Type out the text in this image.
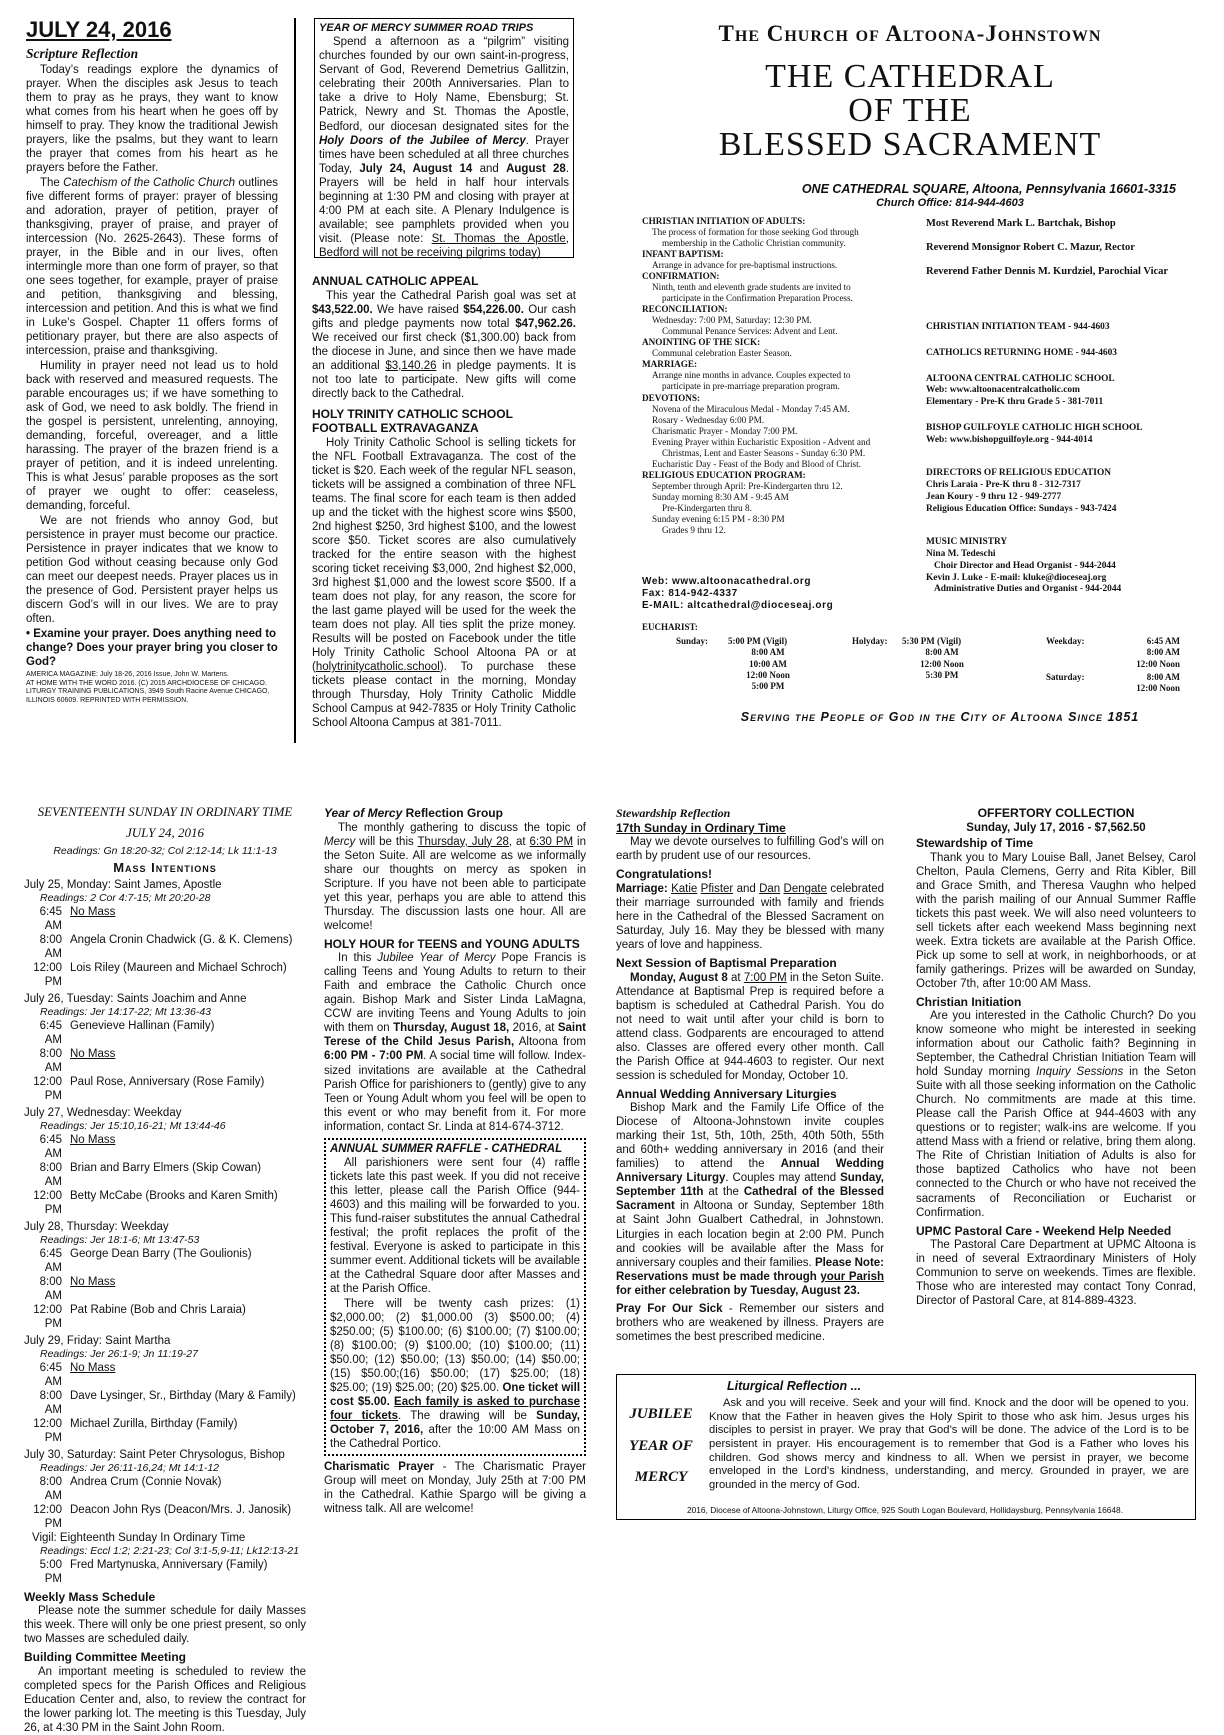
JULY 24, 2016
Scripture Reflection

Today’s readings explore the dynamics of prayer. When the disciples ask Jesus to teach them to pray as he prays, they want to know what comes from his heart when he goes off by himself to pray. They know the traditional Jewish prayers, like the psalms, but they want to learn the prayer that comes from his heart as he prayers before the Father.

The Catechism of the Catholic Church outlines five different forms of prayer: prayer of blessing and adoration, prayer of petition, prayer of thanksgiving, prayer of praise, and prayer of intercession (No. 2625-2643). These forms of prayer, in the Bible and in our lives, often intermingle more than one form of prayer, so that one sees together, for example, prayer of praise and petition, thanksgiving and blessing, intercession and petition. And this is what we find in Luke’s Gospel. Chapter 11 offers forms of petitionary prayer, but there are also aspects of intercession, praise and thanksgiving.

Humility in prayer need not lead us to hold back with reserved and measured requests. The parable encourages us; if we have something to ask of God, we need to ask boldly. The friend in the gospel is persistent, unrelenting, annoying, demanding, forceful, overeager, and a little harassing. The prayer of the brazen friend is a prayer of petition, and it is indeed unrelenting. This is what Jesus’ parable proposes as the sort of prayer we ought to offer: ceaseless, demanding, forceful.

We are not friends who annoy God, but persistence in prayer must become our practice. Persistence in prayer indicates that we know to petition God without ceasing because only God can meet our deepest needs. Prayer places us in the presence of God. Persistent prayer helps us discern God’s will in our lives. We are to pray often.

• Examine your prayer. Does anything need to change? Does your prayer bring you closer to God?

AMERICA MAGAZINE: July 18-26, 2016 Issue, John W. Martens.
AT HOME WITH THE WORD 2016. (C) 2015 ARCHDIOCESE OF CHICAGO. LITURGY TRAINING PUBLICATIONS, 3949 South Racine Avenue CHICAGO, ILLINOIS 60609. REPRINTED WITH PERMISSION.
YEAR OF MERCY SUMMER ROAD TRIPS

Spend a afternoon as a “pilgrim” visiting churches founded by our own saint-in-progress, Servant of God, Reverend Demetrius Gallitzin, celebrating their 200th Anniversaries. Plan to take a drive to Holy Name, Ebensburg; St. Patrick, Newry and St. Thomas the Apostle, Bedford, our diocesan designated sites for the Holy Doors of the Jubilee of Mercy. Prayer times have been scheduled at all three churches Today, July 24, August 14 and August 28. Prayers will be held in half hour intervals beginning at 1:30 PM and closing with prayer at 4:00 PM at each site. A Plenary Indulgence is available; see pamphlets provided when you visit. (Please note: St. Thomas the Apostle, Bedford will not be receiving pilgrims today)

ANNUAL CATHOLIC APPEAL

This year the Cathedral Parish goal was set at $43,522.00. We have raised $54,226.00. Our cash gifts and pledge payments now total $47,962.26. We received our first check ($1,300.00) back from the diocese in June, and since then we have made an additional $3,140.26 in pledge payments. It is not too late to participate. New gifts will come directly back to the Cathedral.

HOLY TRINITY CATHOLIC SCHOOL
FOOTBALL EXTRAVAGANZA

Holy Trinity Catholic School is selling tickets for the NFL Football Extravaganza. The cost of the ticket is $20. Each week of the regular NFL season, tickets will be assigned a combination of three NFL teams. The final score for each team is then added up and the ticket with the highest score wins $500, 2nd highest $250, 3rd highest $100, and the lowest score $50. Ticket scores are also cumulatively tracked for the entire season with the highest scoring ticket receiving $3,000, 2nd highest $2,000, 3rd highest $1,000 and the lowest score $500. If a team does not play, for any reason, the score for the last game played will be used for the week the team does not play. All ties split the prize money. Results will be posted on Facebook under the title Holy Trinity Catholic School Altoona PA or at (holytrinitycatholic.school). To purchase these tickets please contact in the morning, Monday through Thursday, Holy Trinity Catholic Middle School Campus at 942-7835 or Holy Trinity Catholic School Altoona Campus at 381-7011.

The Church of Altoona-Johnstown
THE CATHEDRAL
OF THE
BLESSED SACRAMENT
ONE CATHEDRAL SQUARE, Altoona, Pennsylvania 16601-3315
Church Office: 814-944-4603
CHRISTIAN INITIATION OF ADULTS:
The process of formation for those seeking God through
membership in the Catholic Christian community.
INFANT BAPTISM:
Arrange in advance for pre-baptismal instructions.
CONFIRMATION:
Ninth, tenth and eleventh grade students are invited to
participate in the Confirmation Preparation Process.
RECONCILIATION:
Wednesday: 7:00 PM, Saturday: 12:30 PM.
Communal Penance Services: Advent and Lent.
ANOINTING OF THE SICK:
Communal celebration Easter Season.
MARRIAGE:
Arrange nine months in advance. Couples expected to
participate in pre-marriage preparation program.
DEVOTIONS:
Novena of the Miraculous Medal - Monday 7:45 AM.
Rosary - Wednesday 6:00 PM.
Charismatic Prayer - Monday 7:00 PM.
Evening Prayer within Eucharistic Exposition - Advent and
Christmas, Lent and Easter Seasons - Sunday 6:30 PM.
Eucharistic Day - Feast of the Body and Blood of Christ.
RELIGIOUS EDUCATION PROGRAM:
September through April: Pre-Kindergarten thru 12.
Sunday morning 8:30 AM - 9:45 AM
Pre-Kindergarten thru 8.
Sunday evening 6:15 PM - 8:30 PM
Grades 9 thru 12.
Web: www.altoonacathedral.org
Fax: 814-942-4337
E-MAIL: altcathedral@dioceseaj.org
Most Reverend Mark L. Bartchak, Bishop
Reverend Monsignor Robert C. Mazur, Rector
Reverend Father Dennis M. Kurdziel, Parochial Vicar
CHRISTIAN INITIATION TEAM - 944-4603
CATHOLICS RETURNING HOME - 944-4603
ALTOONA CENTRAL CATHOLIC SCHOOL
Web: www.altoonacentralcatholic.com
Elementary - Pre-K thru Grade 5 - 381-7011
BISHOP GUILFOYLE CATHOLIC HIGH SCHOOL
Web: www.bishopguilfoyle.org - 944-4014
DIRECTORS OF RELIGIOUS EDUCATION
Chris Laraia - Pre-K thru 8 - 312-7317
Jean Koury - 9 thru 12 - 949-2777
Religious Education Office: Sundays - 943-7424
MUSIC MINISTRY
Nina M. Tedeschi
Choir Director and Head Organist - 944-2044
Kevin J. Luke - E-mail: kluke@dioceseaj.org
Administrative Duties and Organist - 944-2044
EUCHARIST:
Sunday: 5:00 PM (Vigil)
8:00 AM
10:00 AM
12:00 Noon
5:00 PM
Holyday: 5:30 PM (Vigil)
8:00 AM
12:00 Noon
5:30 PM
Weekday:	6:45 AM
8:00 AM
12:00 Noon
Saturday:	8:00 AM
12:00 Noon
Serving the People of God in the City of Altoona Since 1851
SEVENTEENTH SUNDAY IN ORDINARY TIME
JULY 24, 2016
Readings: Gn 18:20-32; Col 2:12-14; Lk 11:1-13
Mass Intentions
July 25, Monday: Saint James, Apostle
Readings: 2 Cor 4:7-15; Mt 20:20-28
6:45 AM
No Mass
8:00 AM
Angela Cronin Chadwick (G. & K. Clemens)
12:00 PM
Lois Riley (Maureen and Michael Schroch)
July 26, Tuesday: Saints Joachim and Anne
Readings: Jer 14:17-22; Mt 13:36-43
6:45 AM
Genevieve Hallinan (Family)
8:00 AM
No Mass
12:00 PM
Paul Rose, Anniversary (Rose Family)
July 27, Wednesday: Weekday
Readings: Jer 15:10,16-21; Mt 13:44-46
6:45 AM
No Mass
8:00 AM
Brian and Barry Elmers (Skip Cowan)
12:00 PM
Betty McCabe (Brooks and Karen Smith)
July 28, Thursday: Weekday
Readings: Jer 18:1-6; Mt 13:47-53
6:45 AM
George Dean Barry (The Goulionis)
8:00 AM
No Mass
12:00 PM
Pat Rabine (Bob and Chris Laraia)
July 29, Friday: Saint Martha
Readings: Jer 26:1-9; Jn 11:19-27
6:45 AM
No Mass
8:00 AM
Dave Lysinger, Sr., Birthday (Mary & Family)
12:00 PM
Michael Zurilla, Birthday (Family)
July 30, Saturday: Saint Peter Chrysologus, Bishop
Readings: Jer 26:11-16,24; Mt 14:1-12
8:00 AM
Andrea Crum (Connie Novak)
12:00 PM
Deacon John Rys (Deacon/Mrs. J. Janosik)
Vigil: Eighteenth Sunday In Ordinary Time
Readings: Eccl 1:2; 2:21-23; Col 3:1-5,9-11; Lk12:13-21
5:00 PM
Fred Martynuska, Anniversary (Family)
Weekly Mass Schedule

Please note the summer schedule for daily Masses this week. There will only be one priest present, so only two Masses are scheduled daily.

Building Committee Meeting

An important meeting is scheduled to review the completed specs for the Parish Offices and Religious Education Center and, also, to review the contract for the lower parking lot. The meeting is this Tuesday, July 26, at 4:30 PM in the Saint John Room.

Year of Mercy Reflection Group

The monthly gathering to discuss the topic of Mercy will be this Thursday, July 28, at 6:30 PM in the Seton Suite. All are welcome as we informally share our thoughts on mercy as spoken in Scripture. If you have not been able to participate yet this year, perhaps you are able to attend this Thursday. The discussion lasts one hour. All are welcome!

HOLY HOUR for TEENS and YOUNG ADULTS

In this Jubilee Year of Mercy Pope Francis is calling Teens and Young Adults to return to their Faith and embrace the Catholic Church once again. Bishop Mark and Sister Linda LaMagna, CCW are inviting Teens and Young Adults to join with them on Thursday, August 18, 2016, at Saint Terese of the Child Jesus Parish, Altoona from 6:00 PM - 7:00 PM. A social time will follow. Index-sized invitations are available at the Cathedral Parish Office for parishioners to (gently) give to any Teen or Young Adult whom you feel will be open to this event or who may benefit from it. For more information, contact Sr. Linda at 814-674-3712.

ANNUAL SUMMER RAFFLE - CATHEDRAL

All parishioners were sent four (4) raffle tickets late this past week. If you did not receive this letter, please call the Parish Office (944-4603) and this mailing will be forwarded to you. This fund-raiser substitutes the annual Cathedral festival; the profit replaces the profit of the festival. Everyone is asked to participate in this summer event. Additional tickets will be available at the Cathedral Square door after Masses and at the Parish Office.

There will be twenty cash prizes: (1) $2,000.00; (2) $1,000.00 (3) $500.00; (4) $250.00; (5) $100.00; (6) $100.00; (7) $100.00; (8) $100.00; (9) $100.00; (10) $100.00; (11) $50.00; (12) $50.00; (13) $50.00; (14) $50.00; (15) $50.00;(16) $50.00; (17) $25.00; (18) $25.00; (19) $25.00; (20) $25.00. One ticket will cost $5.00. Each family is asked to purchase four tickets. The drawing will be Sunday, October 7, 2016, after the 10:00 AM Mass on the Cathedral Portico.

Charismatic Prayer - The Charismatic Prayer Group will meet on Monday, July 25th at 7:00 PM in the Cathedral. Kathie Spargo will be giving a witness talk. All are welcome!

Stewardship Reflection
17th Sunday in Ordinary Time

May we devote ourselves to fulfilling God’s will on earth by prudent use of our resources.

Congratulations!

Marriage: Katie Pfister and Dan Dengate celebrated their marriage surrounded with family and friends here in the Cathedral of the Blessed Sacrament on Saturday, July 16. May they be blessed with many years of love and happiness.

Next Session of Baptismal Preparation

Monday, August 8 at 7:00 PM in the Seton Suite. Attendance at Baptismal Prep is required before a baptism is scheduled at Cathedral Parish. You do not need to wait until after your child is born to attend class. Godparents are encouraged to attend also. Classes are offered every other month. Call the Parish Office at 944-4603 to register. Our next session is scheduled for Monday, October 10.

Annual Wedding Anniversary Liturgies

Bishop Mark and the Family Life Office of the Diocese of Altoona-Johnstown invite couples marking their 1st, 5th, 10th, 25th, 40th 50th, 55th and 60th+ wedding anniversary in 2016 (and their families) to attend the Annual Wedding Anniversary Liturgy. Couples may attend Sunday, September 11th at the Cathedral of the Blessed Sacrament in Altoona or Sunday, September 18th at Saint John Gualbert Cathedral, in Johnstown. Liturgies in each location begin at 2:00 PM. Punch and cookies will be available after the Mass for anniversary couples and their families. Please Note: Reservations must be made through your Parish for either celebration by Tuesday, August 23.

Pray For Our Sick - Remember our sisters and brothers who are weakened by illness. Prayers are sometimes the best prescribed medicine.

OFFERTORY COLLECTION
Sunday, July 17, 2016 - $7,562.50
Stewardship of Time

Thank you to Mary Louise Ball, Janet Belsey, Carol Chelton, Paula Clemens, Gerry and Rita Kibler, Bill and Grace Smith, and Theresa Vaughn who helped with the parish mailing of our Annual Summer Raffle tickets this past week. We will also need volunteers to sell tickets after each weekend Mass beginning next week. Extra tickets are available at the Parish Office. Pick up some to sell at work, in neighborhoods, or at family gatherings. Prizes will be awarded on Sunday, October 7th, after 10:00 AM Mass.

Christian Initiation

Are you interested in the Catholic Church? Do you know someone who might be interested in seeking information about our Catholic faith? Beginning in September, the Cathedral Christian Initiation Team will hold Sunday morning Inquiry Sessions in the Seton Suite with all those seeking information on the Catholic Church. No commitments are made at this time. Please call the Parish Office at 944-4603 with any questions or to register; walk-ins are welcome. If you attend Mass with a friend or relative, bring them along. The Rite of Christian Initiation of Adults is also for those baptized Catholics who have not been connected to the Church or who have not received the sacraments of Reconciliation or Eucharist or Confirmation.

UPMC Pastoral Care - Weekend Help Needed

The Pastoral Care Department at UPMC Altoona is in need of several Extraordinary Ministers of Holy Communion to serve on weekends. Times are flexible. Those who are interested may contact Tony Conrad, Director of Pastoral Care, at 814-889-4323.

JUBILEE
YEAR OF
MERCY
Liturgical Reflection ...

Ask and you will receive. Seek and your will find. Knock and the door will be opened to you. Know that the Father in heaven gives the Holy Spirit to those who ask him. Jesus urges his disciples to persist in prayer. We pray that God’s will be done. The advice of the Lord is to be persistent in prayer. His encouragement is to remember that God is a Father who loves his children. God shows mercy and kindness to all. When we persist in prayer, we become enveloped in the Lord’s kindness, understanding, and mercy. Grounded in prayer, we are grounded in the mercy of God.

2016, Diocese of Altoona-Johnstown, Liturgy Office, 925 South Logan Boulevard, Hollidaysburg, Pennsylvania 16648.
